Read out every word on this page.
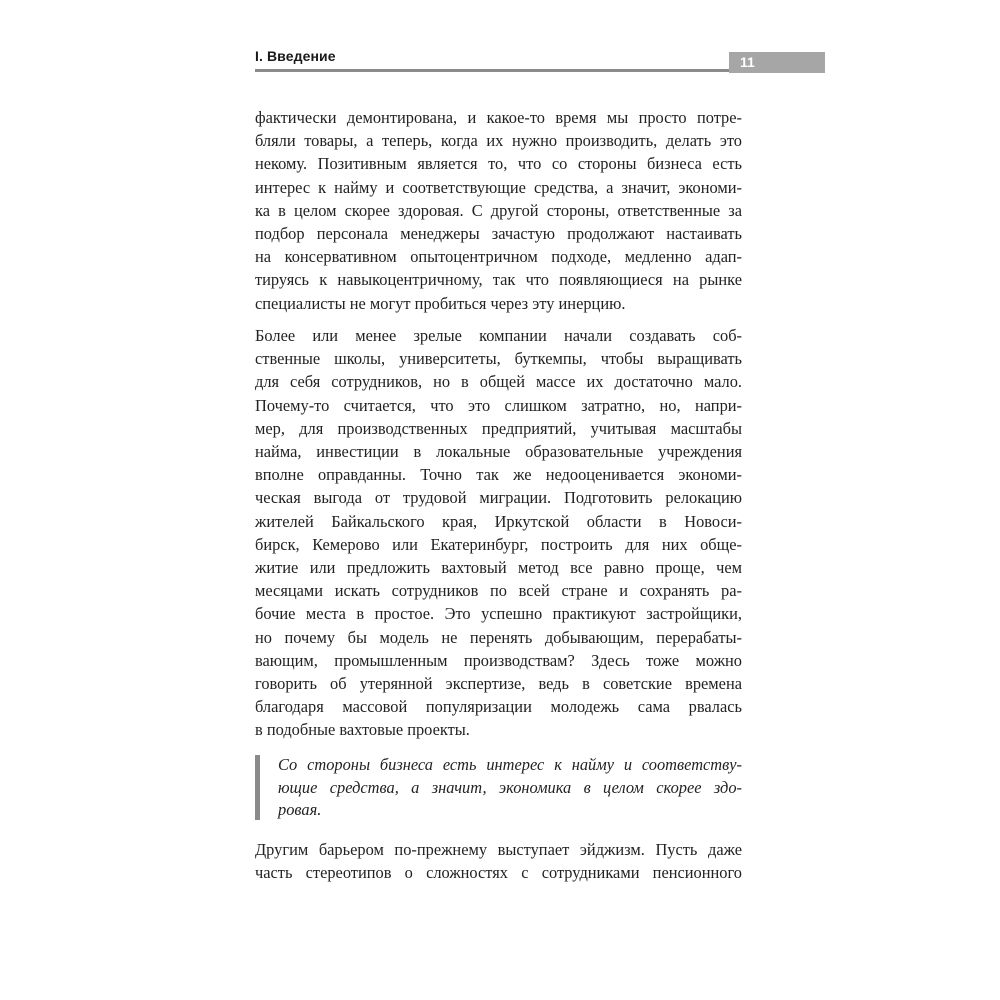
I. Введение	11
фактически демонтирована, и какое-то время мы просто потре-
бляли товары, а теперь, когда их нужно производить, делать это
некому. Позитивным является то, что со стороны бизнеса есть
интерес к найму и соответствующие средства, а значит, экономи-
ка в целом скорее здоровая. С другой стороны, ответственные за
подбор персонала менеджеры зачастую продолжают настаивать
на консервативном опытоцентричном подходе, медленно адап-
тируясь к навыкоцентричному, так что появляющиеся на рынке
специалисты не могут пробиться через эту инерцию.
Более или менее зрелые компании начали создавать соб-
ственные школы, университеты, буткемпы, чтобы выращивать
для себя сотрудников, но в общей массе их достаточно мало.
Почему-то считается, что это слишком затратно, но, напри-
мер, для производственных предприятий, учитывая масштабы
найма, инвестиции в локальные образовательные учреждения
вполне оправданны. Точно так же недооценивается экономи-
ческая выгода от трудовой миграции. Подготовить релокацию
жителей Байкальского края, Иркутской области в Новоси-
бирск, Кемерово или Екатеринбург, построить для них обще-
житие или предложить вахтовый метод все равно проще, чем
месяцами искать сотрудников по всей стране и сохранять ра-
бочие места в простое. Это успешно практикуют застройщики,
но почему бы модель не перенять добывающим, перерабаты-
вающим, промышленным производствам? Здесь тоже можно
говорить об утерянной экспертизе, ведь в советские времена
благодаря массовой популяризации молодежь сама рвалась
в подобные вахтовые проекты.
Со стороны бизнеса есть интерес к найму и соответству-
ющие средства, а значит, экономика в целом скорее здо-
ровая.
Другим барьером по-прежнему выступает эйджизм. Пусть даже
часть стереотипов о сложностях с сотрудниками пенсионного
